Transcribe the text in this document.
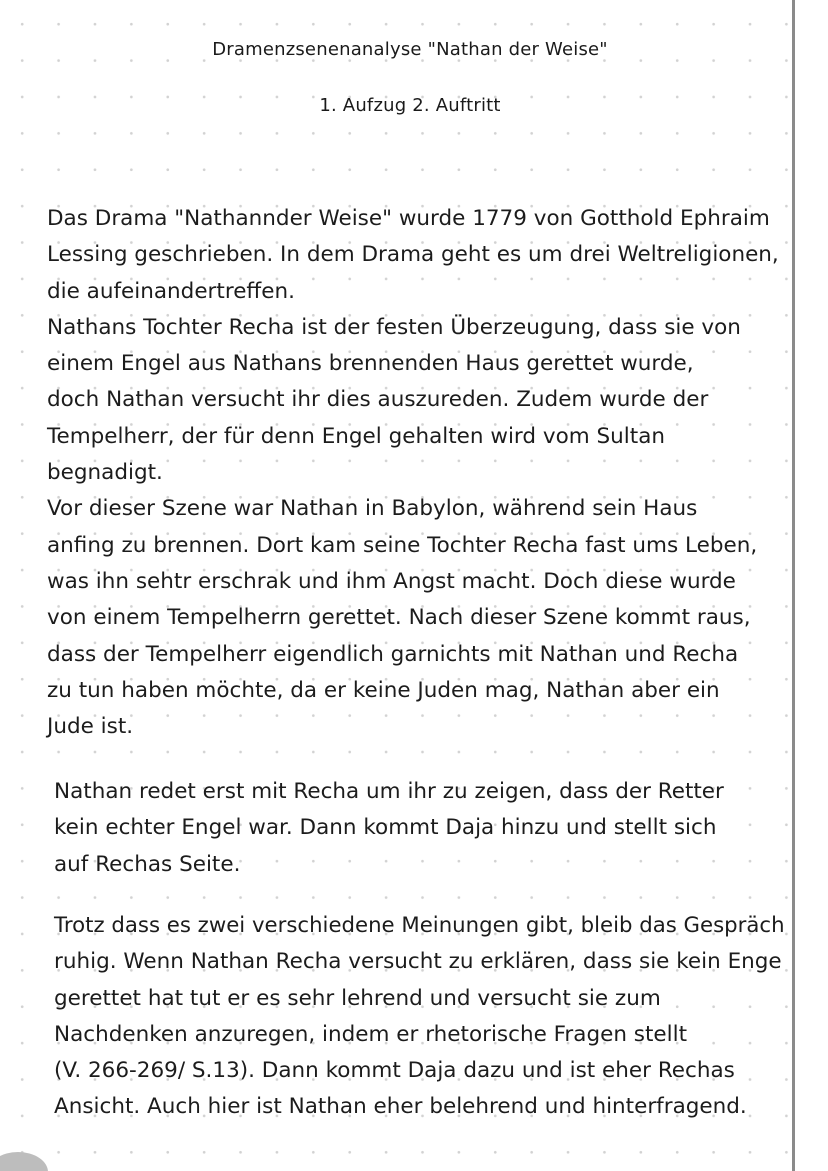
Dramenzsenenanalyse "Nathan der Weise"
1. Aufzug 2. Auftritt
Das Drama "Nathannder Weise" wurde 1779 von Gotthold Ephraim
Lessing geschrieben. In dem Drama geht es um drei Weltreligionen,
die aufeinandertreffen.
Nathans Tochter Recha ist der festen Überzeugung, dass sie von
einem Engel aus Nathans brennenden Haus gerettet wurde,
doch Nathan versucht ihr dies auszureden. Zudem wurde der
Tempelherr, der für denn Engel gehalten wird vom Sultan
begnadigt.
Vor dieser Szene war Nathan in Babylon, während sein Haus
anfing zu brennen. Dort kam seine Tochter Recha fast ums Leben,
was ihn sehtr erschrak und ihm Angst macht. Doch diese wurde
von einem Tempelherrn gerettet. Nach dieser Szene kommt raus,
dass der Tempelherr eigendlich garnichts mit Nathan und Recha
zu tun haben möchte, da er keine Juden mag, Nathan aber ein
Jude ist.
Nathan redet erst mit Recha um ihr zu zeigen, dass der Retter
kein echter Engel war. Dann kommt Daja hinzu und stellt sich
auf Rechas Seite.
Trotz dass es zwei verschiedene Meinungen gibt, bleib das Gespräch
ruhig. Wenn Nathan Recha versucht zu erklären, dass sie kein Enge
gerettet hat tut er es sehr lehrend und versucht sie zum
Nachdenken anzuregen, indem er rhetorische Fragen stellt
(V. 266-269/ S.13). Dann kommt Daja dazu und ist eher Rechas
Ansicht. Auch hier ist Nathan eher belehrend und hinterfragend.
